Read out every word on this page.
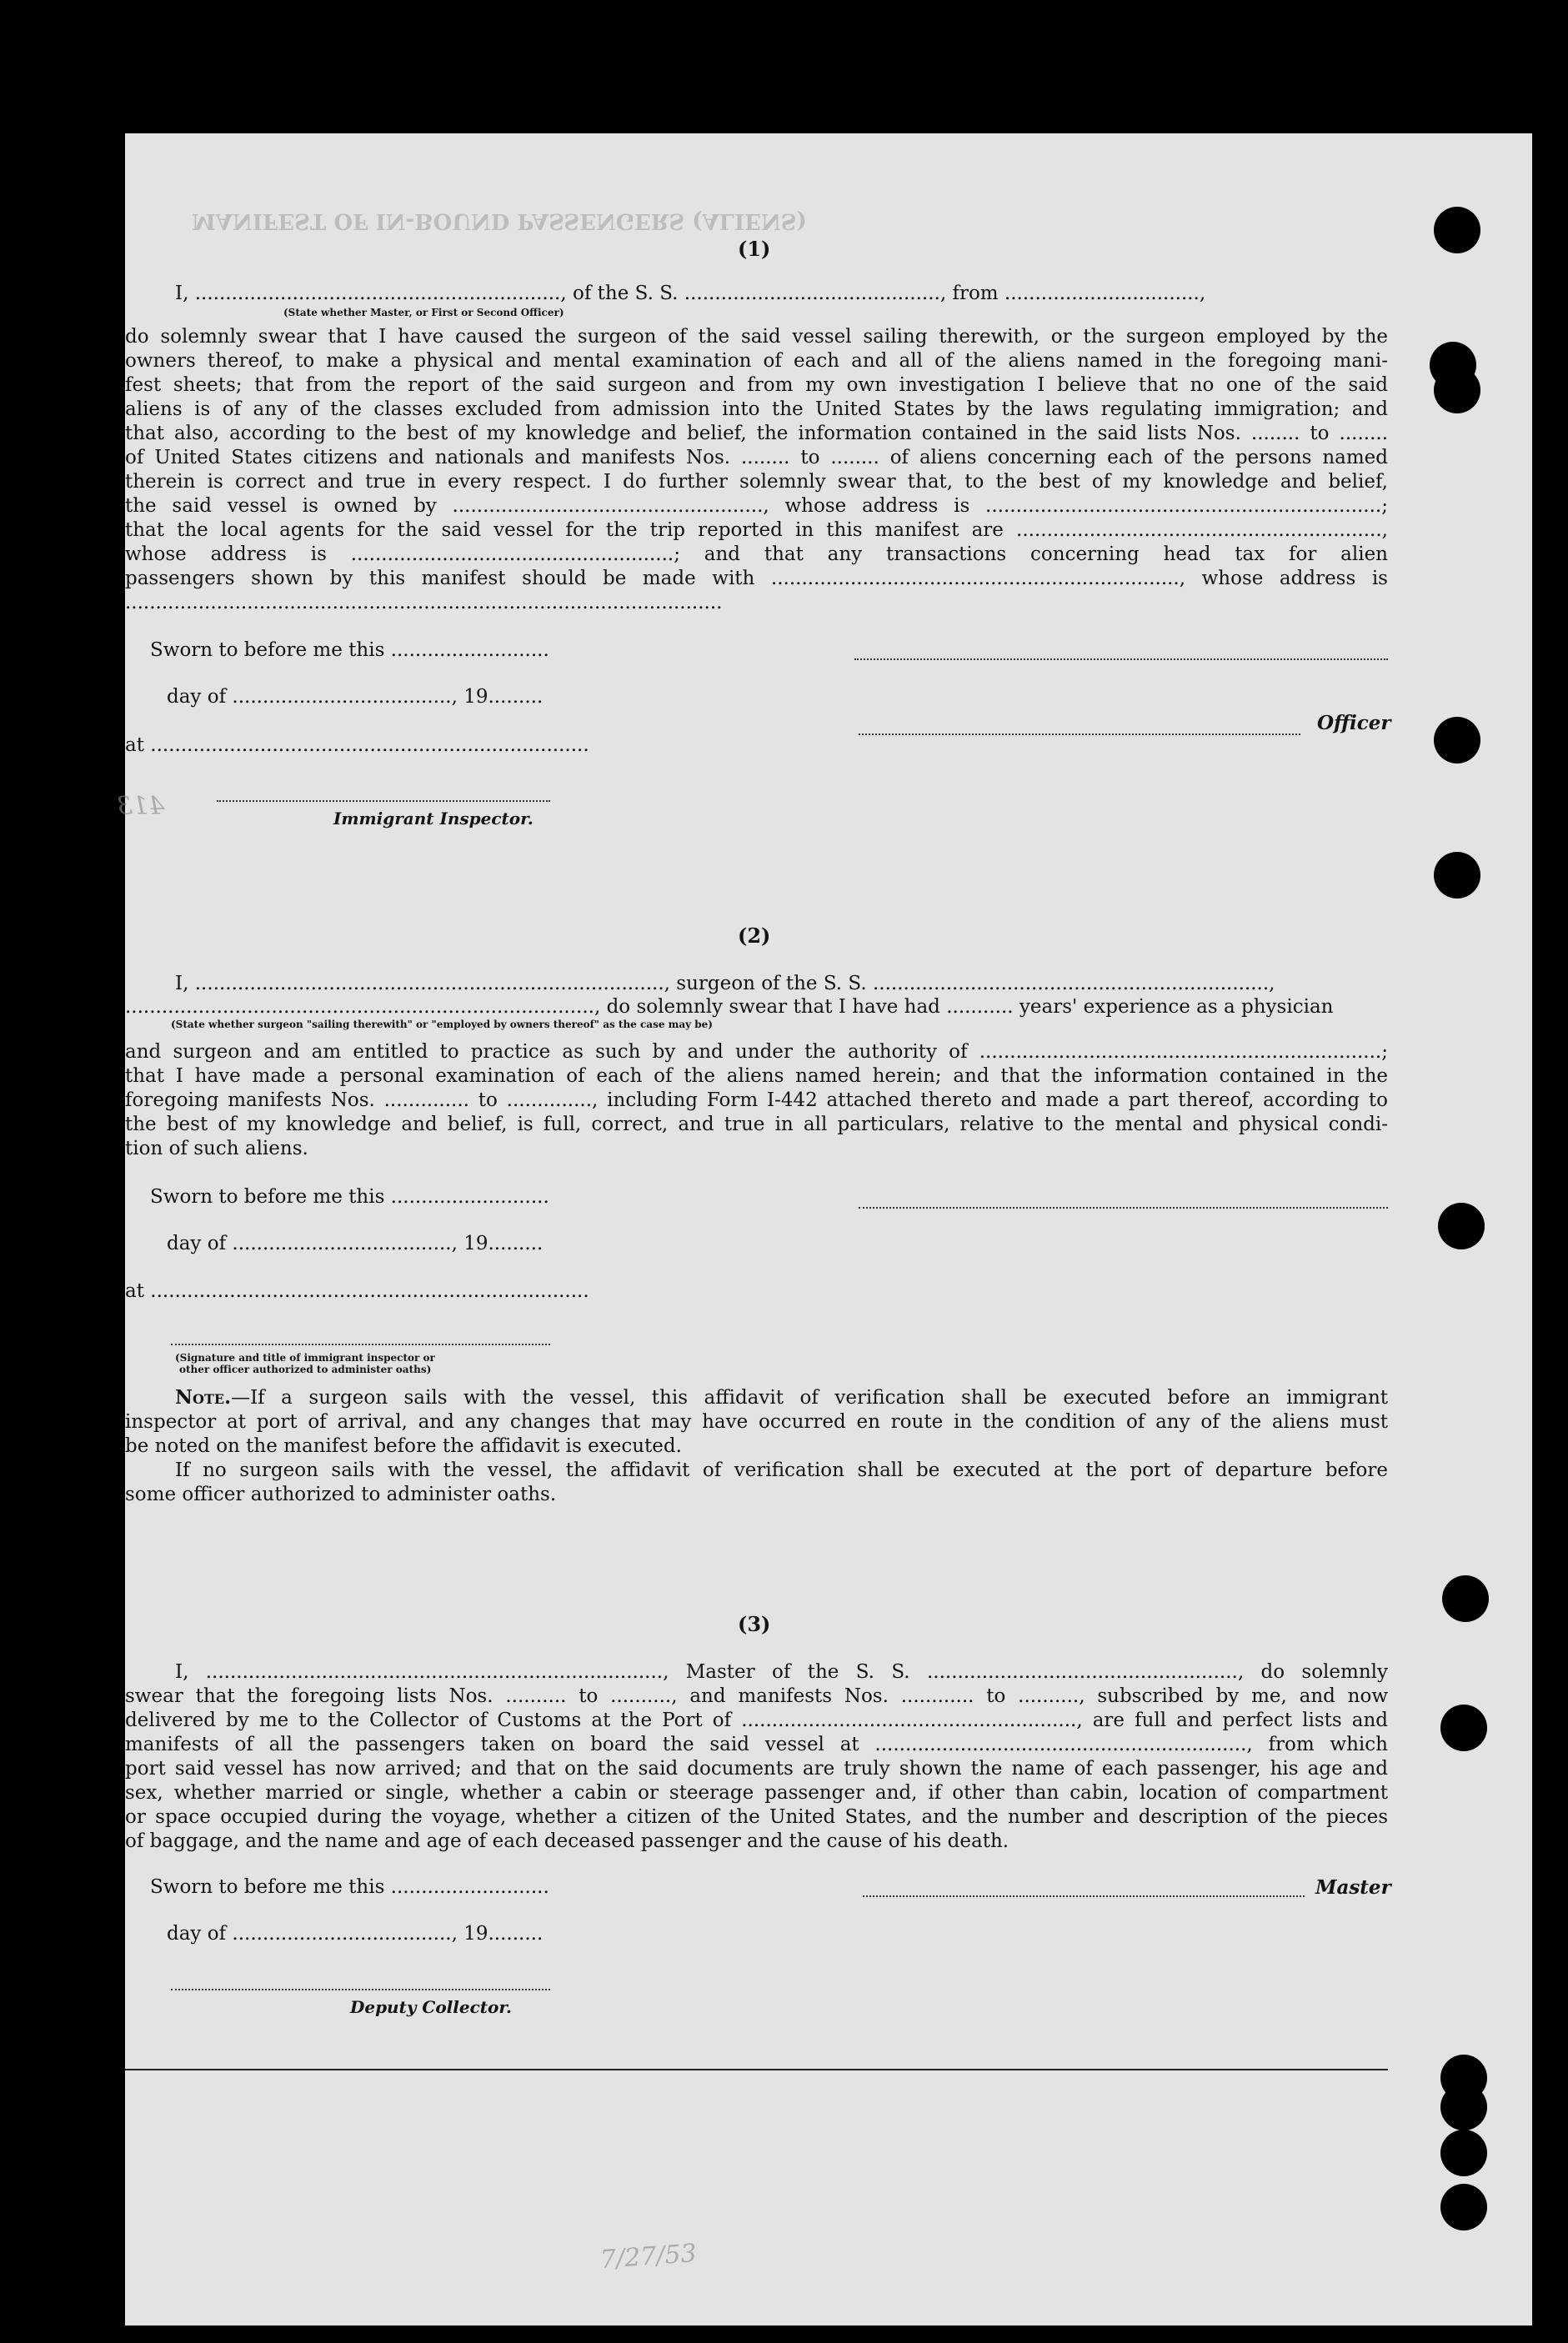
MANIFEST OF IN-BOUND PASSENGERS (ALIENS)
(1)
I, ............................................................, of the S. S. .........................................., from ................................,
(State whether Master, or First or Second Officer)
do solemnly swear that I have caused the surgeon of the said vessel sailing therewith, or the surgeon employed by the
owners thereof, to make a physical and mental examination of each and all of the aliens named in the foregoing mani-
fest sheets; that from the report of the said surgeon and from my own investigation I believe that no one of the said
aliens is of any of the classes excluded from admission into the United States by the laws regulating immigration; and
that also, according to the best of my knowledge and belief, the information contained in the said lists Nos. ........ to ........
of United States citizens and nationals and manifests Nos. ........ to ........ of aliens concerning each of the persons named
therein is correct and true in every respect. I do further solemnly swear that, to the best of my knowledge and belief,
the said vessel is owned by ..................................................., whose address is .................................................................;
that the local agents for the said vessel for the trip reported in this manifest are ............................................................,
whose address is .....................................................; and that any transactions concerning head tax for alien
passengers shown by this manifest should be made with ..................................................................., whose address is
..................................................................................................
Sworn to before me this ..........................
day of ...................................., 19.........
at ........................................................................
Officer
413	Immigrant Inspector.
(2)
I, ............................................................................., surgeon of the S. S. .................................................................,
............................................................................., do solemnly swear that I have had ........... years' experience as a physician
(State whether surgeon "sailing therewith" or "employed by owners thereof" as the case may be)
and surgeon and am entitled to practice as such by and under the authority of ..................................................................;
that I have made a personal examination of each of the aliens named herein; and that the information contained in the
foregoing manifests Nos. .............. to .............., including Form I-442 attached thereto and made a part thereof, according to
the best of my knowledge and belief, is full, correct, and true in all particulars, relative to the mental and physical condi-
tion of such aliens.
Sworn to before me this ..........................
day of ...................................., 19.........
at ........................................................................
(Signature and title of immigrant inspector or
other officer authorized to administer oaths)
Note.—If a surgeon sails with the vessel, this affidavit of verification shall be executed before an immigrant
inspector at port of arrival, and any changes that may have occurred en route in the condition of any of the aliens must
be noted on the manifest before the affidavit is executed.
If no surgeon sails with the vessel, the affidavit of verification shall be executed at the port of departure before
some officer authorized to administer oaths.
(3)
I, ..........................................................................., Master of the S. S. ..................................................., do solemnly
swear that the foregoing lists Nos. .......... to .........., and manifests Nos. ............ to .........., subscribed by me, and now
delivered by me to the Collector of Customs at the Port of ......................................................., are full and perfect lists and
manifests of all the passengers taken on board the said vessel at ............................................................., from which
port said vessel has now arrived; and that on the said documents are truly shown the name of each passenger, his age and
sex, whether married or single, whether a cabin or steerage passenger and, if other than cabin, location of compartment
or space occupied during the voyage, whether a citizen of the United States, and the number and description of the pieces
of baggage, and the name and age of each deceased passenger and the cause of his death.
Sworn to before me this ..........................	Master
day of ...................................., 19.........
Deputy Collector.
7/27/53
